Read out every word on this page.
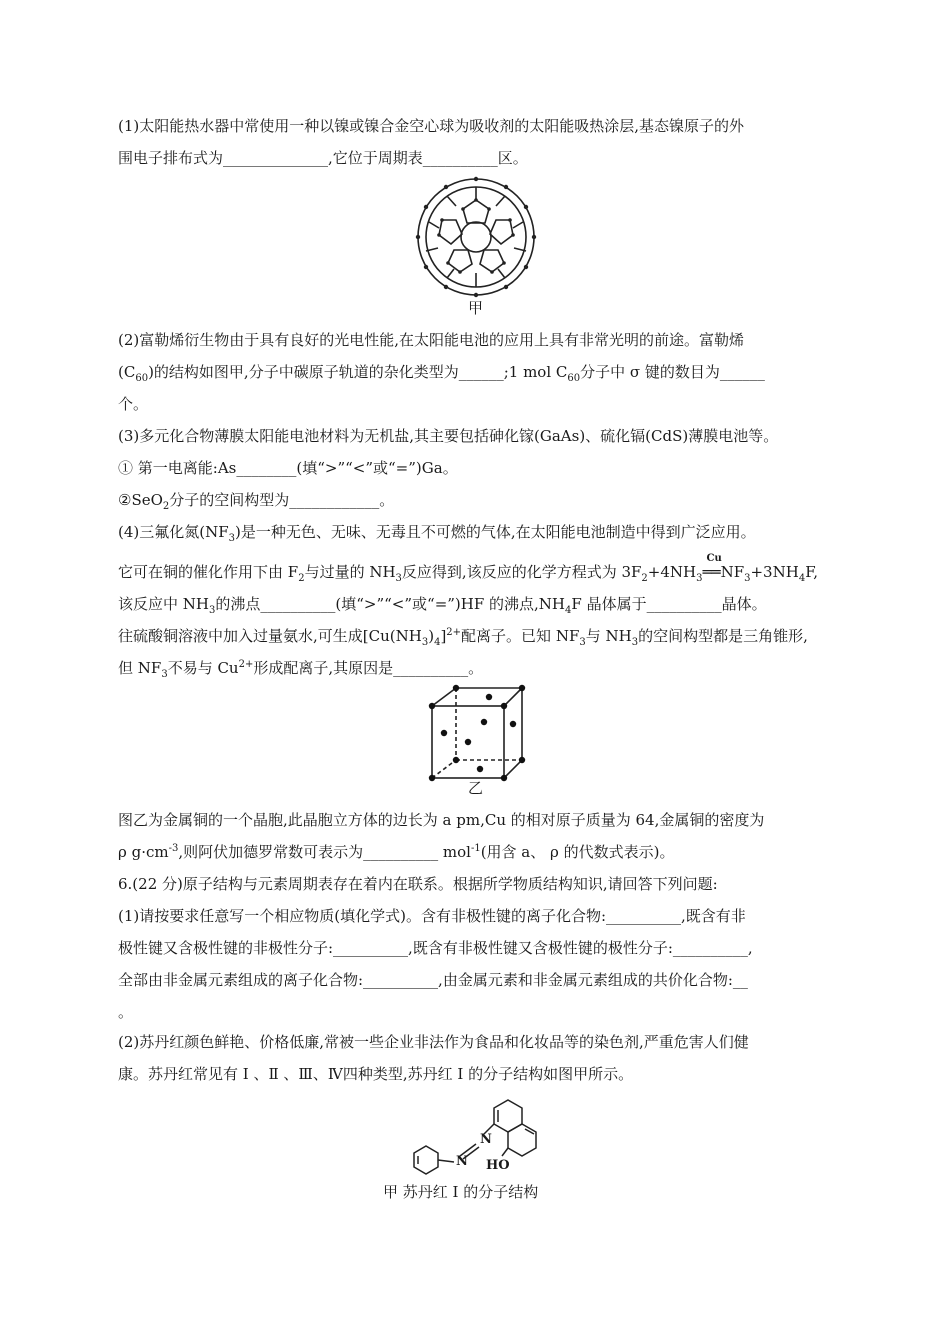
(1)太阳能热水器中常使用一种以镍或镍合金空心球为吸收剂的太阳能吸热涂层,基态镍原子的外
围电子排布式为______________,它位于周期表__________区。
甲
(2)富勒烯衍生物由于具有良好的光电性能,在太阳能电池的应用上具有非常光明的前途。富勒烯
$(C_{60})$的结构如图甲,分子中碳原子轨道的杂化类型为______;1 mol $C_{60}$分子中 σ 键的数目为______
个。
(3)多元化合物薄膜太阳能电池材料为无机盐,其主要包括砷化镓(GaAs)、硫化镉(CdS)薄膜电池等。
① 第一电离能:As________(填“>”“<”或“=”)Ga。
②SeO$_2$分子的空间构型为____________。
(4)三氟化氮$(NF_3)$是一种无色、无味、无毒且不可燃的气体,在太阳能电池制造中得到广泛应用。
它可在铜的催化作用下由 $F_2$与过量的 $NH_3$反应得到,该反应的化学方程式为 $3F_2+4NH_3$
Cu
$══NF_3+3NH_4F$,
该反应中 $NH_3$的沸点__________(填“>”“<”或“=”)HF 的沸点$,NH_4F$ 晶体属于__________晶体。
往硫酸铜溶液中加入过量氨水,可生成$[Cu(NH_3)_4]^{2+}$配离子。已知 $NF_3$与 $NH_3$的空间构型都是三角锥形,
但 $NF_3$不易与 $Cu^{2+}$形成配离子,其原因是__________。
乙
图乙为金属铜的一个晶胞,此晶胞立方体的边长为 a pm,Cu 的相对原子质量为 64,金属铜的密度为
ρ $g\cdot cm^{-3}$,则阿伏加德罗常数可表示为__________ mol$^{-1}$(用含 a、 ρ 的代数式表示)。
6.(22 分)原子结构与元素周期表存在着内在联系。根据所学物质结构知识,请回答下列问题:
(1)请按要求任意写一个相应物质(填化学式)。含有非极性键的离子化合物:__________,既含有非
极性键又含极性键的非极性分子:__________,既含有非极性键又含极性键的极性分子:__________,
全部由非金属元素组成的离子化合物:__________,由金属元素和非金属元素组成的共价化合物:__
。
(2)苏丹红颜色鲜艳、价格低廉,常被一些企业非法作为食品和化妆品等的染色剂,严重危害人们健
康。苏丹红常见有 Ⅰ 、Ⅱ 、Ⅲ、Ⅳ四种类型,苏丹红 Ⅰ 的分子结构如图甲所示。
N
N HO
甲 苏丹红 Ⅰ 的分子结构
